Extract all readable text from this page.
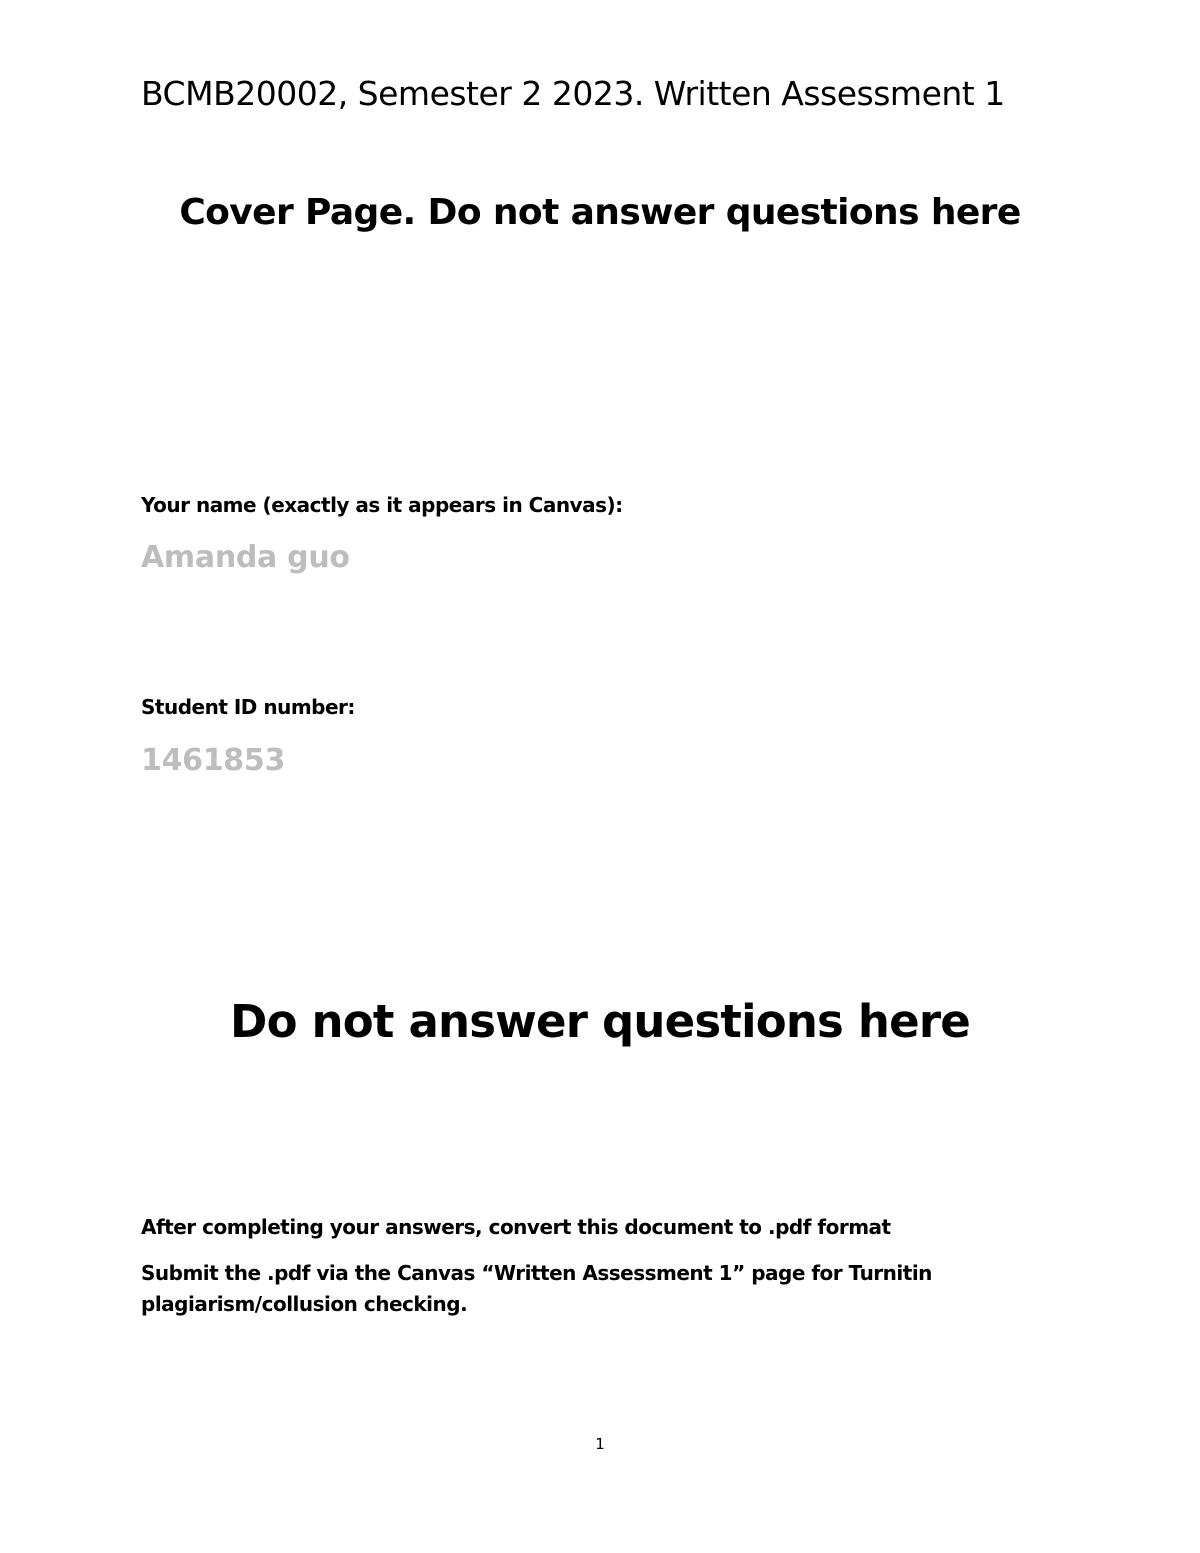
BCMB20002, Semester 2 2023. Written Assessment 1

Cover Page. Do not answer questions here

Your name (exactly as it appears in Canvas):

Amanda guo

Student ID number:

1461853

Do not answer questions here

After completing your answers, convert this document to .pdf format

Submit the .pdf via the Canvas “Written Assessment 1” page for Turnitin plagiarism/collusion checking.

1
